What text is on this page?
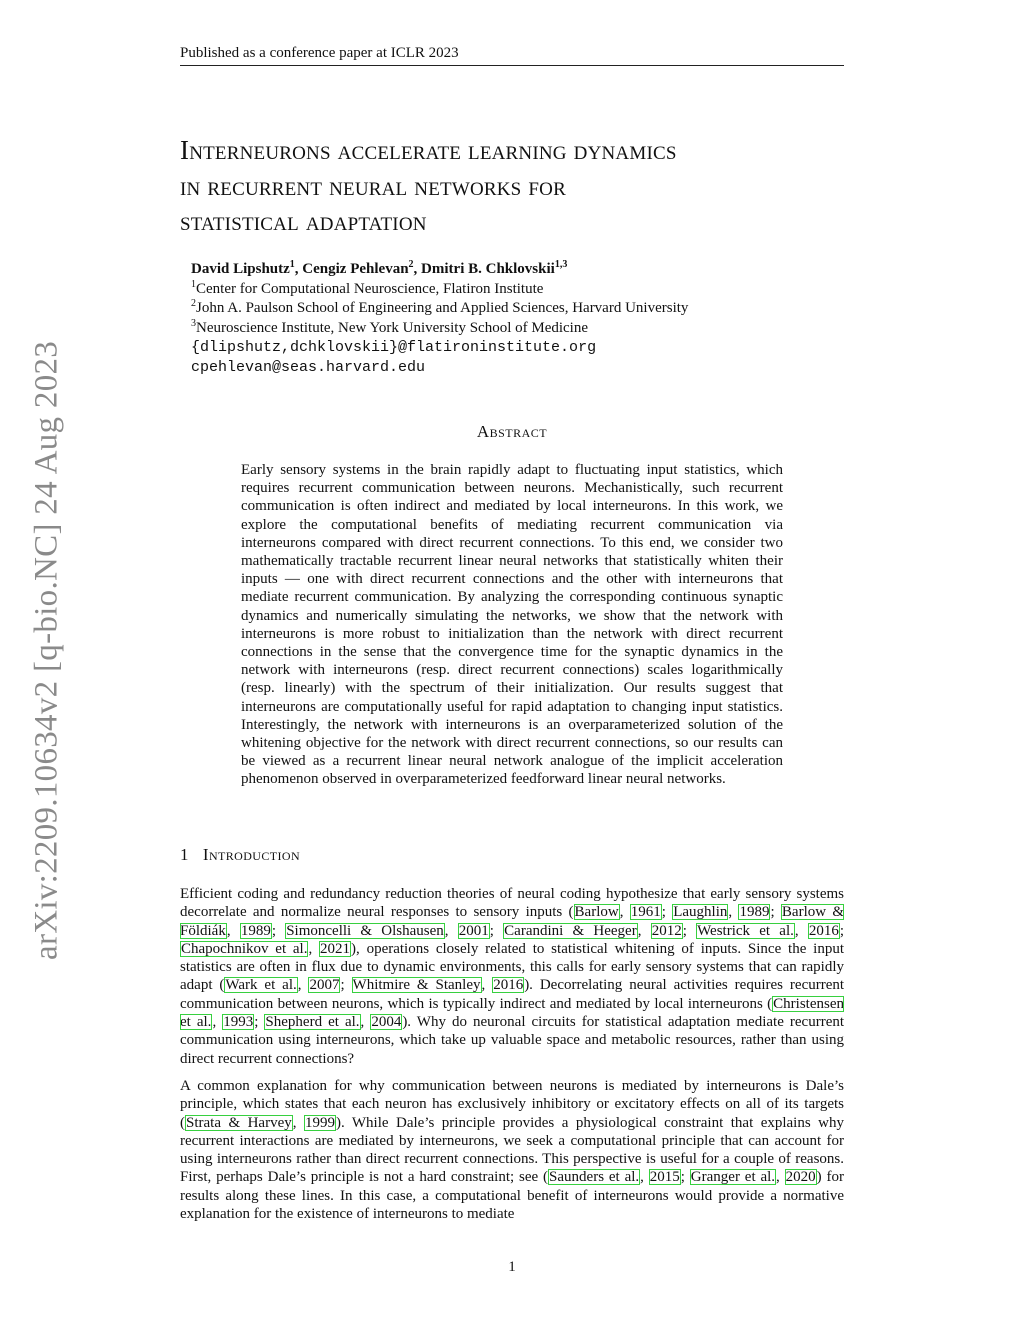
Published as a conference paper at ICLR 2023
arXiv:2209.10634v2 [q-bio.NC] 24 Aug 2023
Interneurons accelerate learning dynamics
in recurrent neural networks for
statistical adaptation
David Lipshutz$^1$, Cengiz Pehlevan$^2$, Dmitri B. Chklovskii$^{1,3}$
$^1$Center for Computational Neuroscience, Flatiron Institute
$^2$John A. Paulson School of Engineering and Applied Sciences, Harvard University
$^3$Neuroscience Institute, New York University School of Medicine
{dlipshutz,dchklovskii}@flatironinstitute.org
cpehlevan@seas.harvard.edu
Abstract
Early sensory systems in the brain rapidly adapt to fluctuating input statistics, which requires recurrent communication between neurons. Mechanistically, such recurrent communication is often indirect and mediated by local interneurons. In this work, we explore the computational benefits of mediating recurrent communication via interneurons compared with direct recurrent connections. To this end, we consider two mathematically tractable recurrent linear neural networks that statistically whiten their inputs — one with direct recurrent connections and the other with interneurons that mediate recurrent communication. By analyzing the corresponding continuous synaptic dynamics and numerically simulating the networks, we show that the network with interneurons is more robust to initialization than the network with direct recurrent connections in the sense that the convergence time for the synaptic dynamics in the network with interneurons (resp. direct recurrent connections) scales logarithmically (resp. linearly) with the spectrum of their initialization. Our results suggest that interneurons are computationally useful for rapid adaptation to changing input statistics. Interestingly, the network with interneurons is an overparameterized solution of the whitening objective for the network with direct recurrent connections, so our results can be viewed as a recurrent linear neural network analogue of the implicit acceleration phenomenon observed in overparameterized feedforward linear neural networks.
1 Introduction
Efficient coding and redundancy reduction theories of neural coding hypothesize that early sensory systems decorrelate and normalize neural responses to sensory inputs (Barlow, 1961; Laughlin, 1989; Barlow & Földiák, 1989; Simoncelli & Olshausen, 2001; Carandini & Heeger, 2012; Westrick et al., 2016; Chapochnikov et al., 2021), operations closely related to statistical whitening of inputs. Since the input statistics are often in flux due to dynamic environments, this calls for early sensory systems that can rapidly adapt (Wark et al., 2007; Whitmire & Stanley, 2016). Decorrelating neural activities requires recurrent communication between neurons, which is typically indirect and mediated by local interneurons (Christensen et al., 1993; Shepherd et al., 2004). Why do neuronal circuits for statistical adaptation mediate recurrent communication using interneurons, which take up valuable space and metabolic resources, rather than using direct recurrent connections?
A common explanation for why communication between neurons is mediated by interneurons is Dale’s principle, which states that each neuron has exclusively inhibitory or excitatory effects on all of its targets (Strata & Harvey, 1999). While Dale’s principle provides a physiological constraint that explains why recurrent interactions are mediated by interneurons, we seek a computational principle that can account for using interneurons rather than direct recurrent connections. This perspective is useful for a couple of reasons. First, perhaps Dale’s principle is not a hard constraint; see (Saunders et al., 2015; Granger et al., 2020) for results along these lines. In this case, a computational benefit of interneurons would provide a normative explanation for the existence of interneurons to mediate
1
